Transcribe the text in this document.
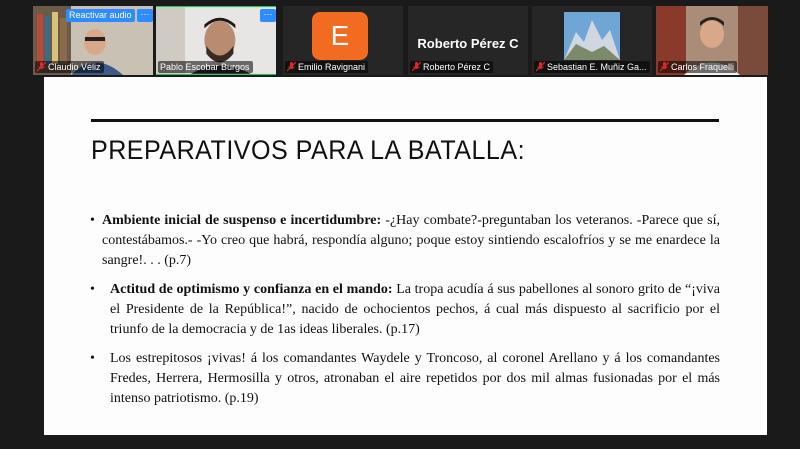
Reactivar audio ···
Claudio Véliz
···
Pablo Escobar Burgos
E
Emilio Ravignani
Roberto Pérez C
Roberto Pérez C	Sebastian E. Muñiz Ga...	Carlos Fraquelli
PREPARATIVOS PARA LA BATALLA:
• Ambiente inicial de suspenso e incertidumbre: -¿Hay combate?-preguntaban los veteranos. -Parece que sí, contestábamos.- -Yo creo que habrá, respondía alguno; poque estoy sintiendo escalofríos y se me enardece la sangre!. . . (p.7)
•	Actitud de optimismo y confianza en el mando: La tropa acudía á sus pabellones al sonoro grito de “¡viva el Presidente de la República!”, nacido de ochocientos pechos, á cual más dispuesto al sacrificio por el triunfo de la democracia y de 1as ideas liberales. (p.17)
•	Los estrepitosos ¡vivas! á los comandantes Waydele y Troncoso, al coronel Arellano y á los comandantes Fredes, Herrera, Hermosilla y otros, atronaban el aire repetidos por dos mil almas fusionadas por el más intenso patriotismo. (p.19)
